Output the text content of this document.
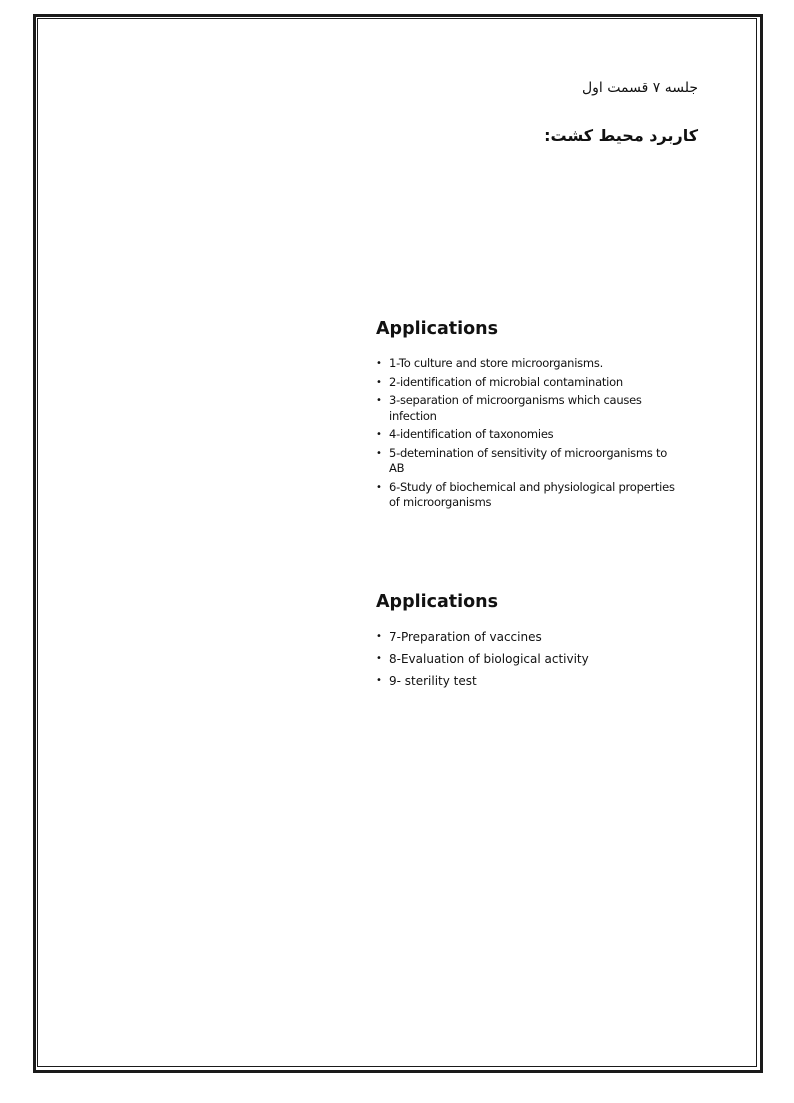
جلسه ۷ قسمت اول
کاربرد محیط کشت:
Applications
• 1-To culture and store microorganisms.
• 2-identification of microbial contamination
• 3-separation of microorganisms which causes infection
• 4-identification of taxonomies
• 5-detemination of sensitivity of microorganisms to AB
• 6-Study of biochemical and physiological properties of microorganisms
Applications
• 7-Preparation of vaccines
• 8-Evaluation of biological activity
• 9- sterility test
